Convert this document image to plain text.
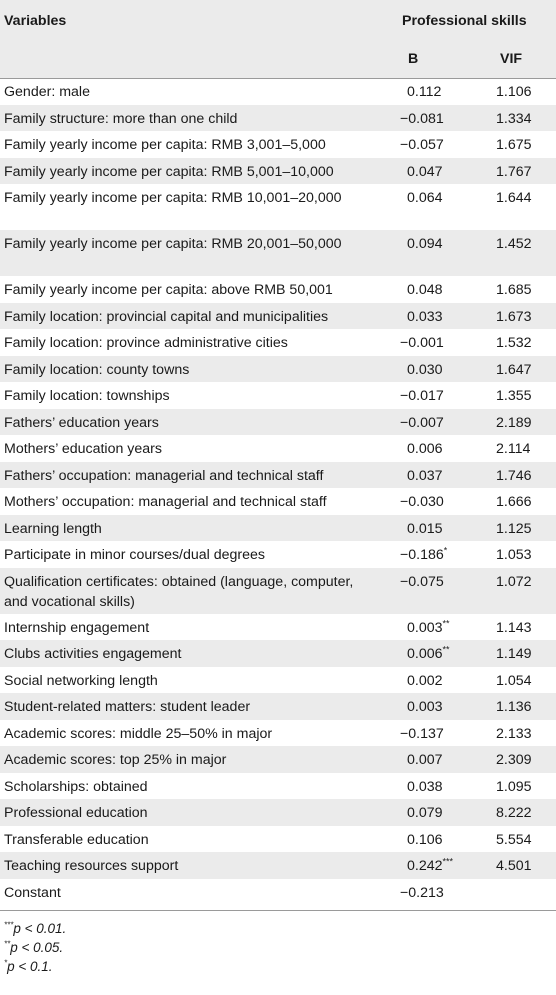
Variables	Professional skills
B	VIF
Gender: male	0.112	1.106
Family structure: more than one child	−0.081	1.334
Family yearly income per capita: RMB 3,001–5,000	−0.057	1.675
Family yearly income per capita: RMB 5,001–10,000	0.047	1.767
Family yearly income per capita: RMB 10,001–20,000	0.064	1.644
Family yearly income per capita: RMB 20,001–50,000	0.094	1.452
Family yearly income per capita: above RMB 50,001	0.048	1.685
Family location: provincial capital and municipalities	0.033	1.673
Family location: province administrative cities	−0.001	1.532
Family location: county towns	0.030	1.647
Family location: townships	−0.017	1.355
Fathers’ education years	−0.007	2.189
Mothers’ education years	0.006	2.114
Fathers’ occupation: managerial and technical staff	0.037	1.746
Mothers’ occupation: managerial and technical staff	−0.030	1.666
Learning length	0.015	1.125
Participate in minor courses/dual degrees	−0.186*	1.053
Qualification certificates: obtained (language, computer, and vocational skills)
−0.075	1.072
Internship engagement	0.003**	1.143
Clubs activities engagement	0.006**	1.149
Social networking length	0.002	1.054
Student-related matters: student leader	0.003	1.136
Academic scores: middle 25–50% in major	−0.137	2.133
Academic scores: top 25% in major	0.007	2.309
Scholarships: obtained	0.038	1.095
Professional education	0.079	8.222
Transferable education	0.106	5.554
Teaching resources support	0.242***	4.501
Constant	−0.213
***p < 0.01.
**p < 0.05.
*p < 0.1.
